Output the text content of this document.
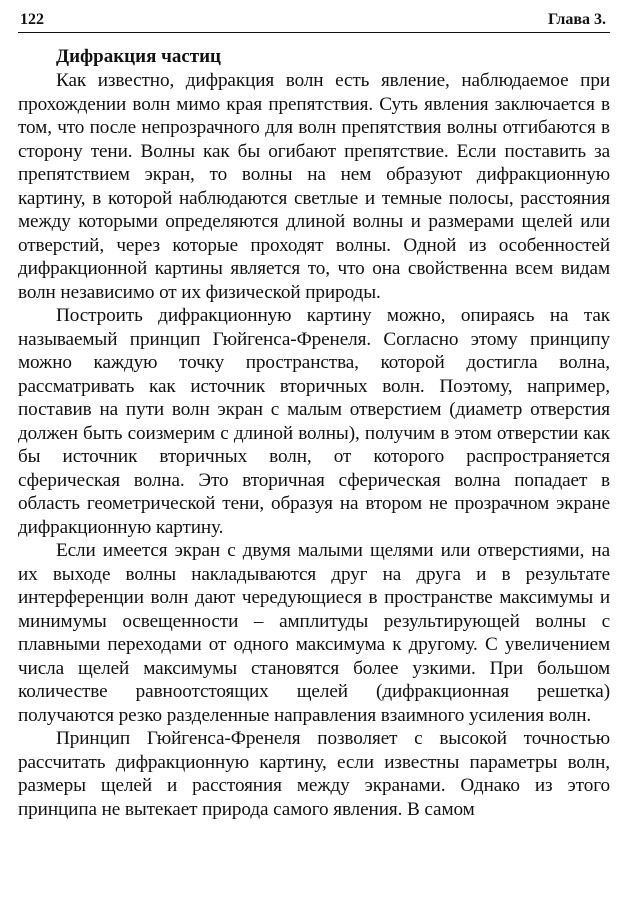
122	Глава 3.
Дифракция частиц

Как известно, дифракция волн есть явление, наблюдаемое при прохождении волн мимо края препятствия. Суть явления заключается в том, что после непрозрачного для волн препятствия волны отгибаются в сторону тени. Волны как бы огибают препятствие. Если поставить за препятствием экран, то волны на нем образуют дифракционную картину, в которой наблюдаются светлые и темные полосы, расстояния между которыми определяются длиной волны и размерами щелей или отверстий, через которые проходят волны. Одной из особенностей дифракционной картины является то, что она свойственна всем видам волн независимо от их физической природы.

Построить дифракционную картину можно, опираясь на так называемый принцип Гюйгенса-Френеля. Согласно этому принципу можно каждую точку пространства, которой достигла волна, рассматривать как источник вторичных волн. Поэтому, например, поставив на пути волн экран с малым отверстием (диаметр отверстия должен быть соизмерим с длиной волны), получим в этом отверстии как бы источник вторичных волн, от которого распространяется сферическая волна. Это вторичная сферическая волна попадает в область геометрической тени, образуя на втором не прозрачном экране дифракционную картину.

Если имеется экран с двумя малыми щелями или отверстиями, на их выходе волны накладываются друг на друга и в результате интерференции волн дают чередующиеся в пространстве максимумы и минимумы освещенности – амплитуды результирующей волны с плавными переходами от одного максимума к другому. С увеличением числа щелей максимумы становятся более узкими. При большом количестве равноотстоящих щелей (дифракционная решетка) получаются резко разделенные направления взаимного усиления волн.

Принцип Гюйгенса-Френеля позволяет с высокой точностью рассчитать дифракционную картину, если известны параметры волн, размеры щелей и расстояния между экранами. Однако из этого принципа не вытекает природа самого явления. В самом
